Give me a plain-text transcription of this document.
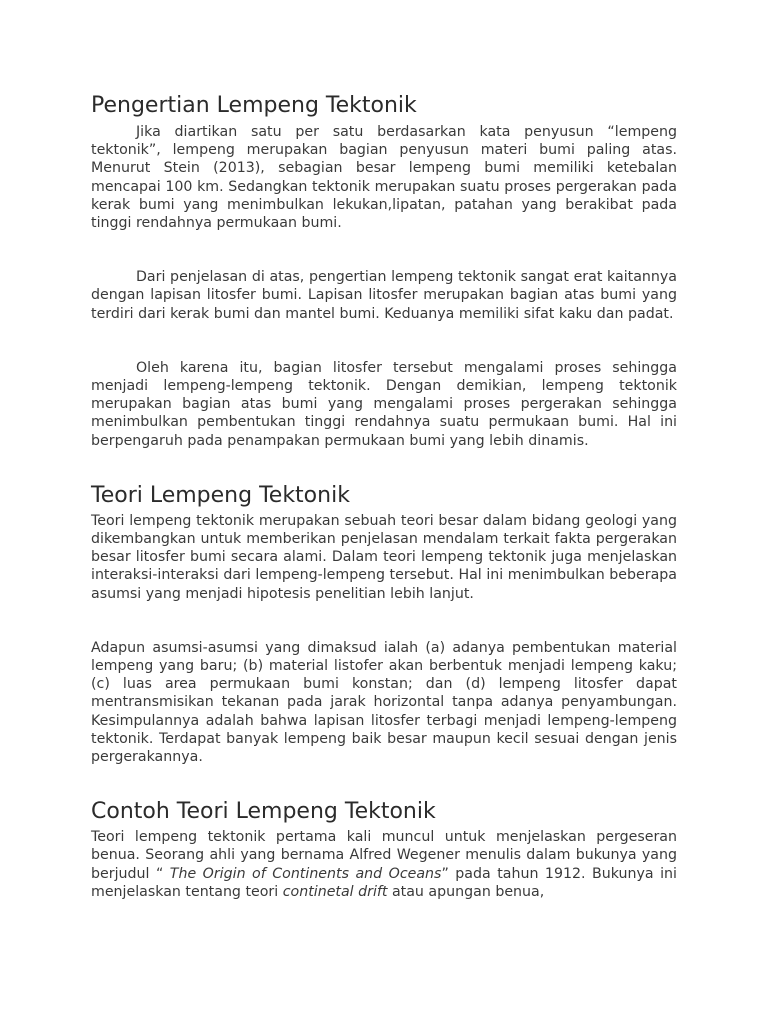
Pengertian Lempeng Tektonik

Jika diartikan satu per satu berdasarkan kata penyusun “lempeng tektonik”, lempeng merupakan bagian penyusun materi bumi paling atas. Menurut Stein (2013), sebagian besar lempeng bumi memiliki ketebalan mencapai 100 km. Sedangkan tektonik merupakan suatu proses pergerakan pada kerak bumi yang menimbulkan lekukan,lipatan, patahan yang berakibat pada tinggi rendahnya permukaan bumi.

Dari penjelasan di atas, pengertian lempeng tektonik sangat erat kaitannya dengan lapisan litosfer bumi. Lapisan litosfer merupakan bagian atas bumi yang terdiri dari kerak bumi dan mantel bumi. Keduanya memiliki sifat kaku dan padat.

Oleh karena itu, bagian litosfer tersebut mengalami proses sehingga menjadi lempeng-lempeng tektonik. Dengan demikian, lempeng tektonik merupakan bagian atas bumi yang mengalami proses pergerakan sehingga menimbulkan pembentukan tinggi rendahnya suatu permukaan bumi. Hal ini berpengaruh pada penampakan permukaan bumi yang lebih dinamis.

Teori Lempeng Tektonik

Teori lempeng tektonik merupakan sebuah teori besar dalam bidang geologi yang dikembangkan untuk memberikan penjelasan mendalam terkait fakta pergerakan besar litosfer bumi secara alami. Dalam teori lempeng tektonik juga menjelaskan interaksi-interaksi dari lempeng-lempeng tersebut. Hal ini menimbulkan beberapa asumsi yang menjadi hipotesis penelitian lebih lanjut.

Adapun asumsi-asumsi yang dimaksud ialah (a) adanya pembentukan material lempeng yang baru; (b) material listofer akan berbentuk menjadi lempeng kaku; (c) luas area permukaan bumi konstan; dan (d) lempeng litosfer dapat mentransmisikan tekanan pada jarak horizontal tanpa adanya penyambungan. Kesimpulannya adalah bahwa lapisan litosfer terbagi menjadi lempeng-lempeng tektonik. Terdapat banyak lempeng baik besar maupun kecil sesuai dengan jenis pergerakannya.

Contoh Teori Lempeng Tektonik

Teori lempeng tektonik pertama kali muncul untuk menjelaskan pergeseran benua. Seorang ahli yang bernama Alfred Wegener menulis dalam bukunya yang berjudul “ The Origin of Continents and Oceans” pada tahun 1912. Bukunya ini menjelaskan tentang teori continetal drift atau apungan benua,
